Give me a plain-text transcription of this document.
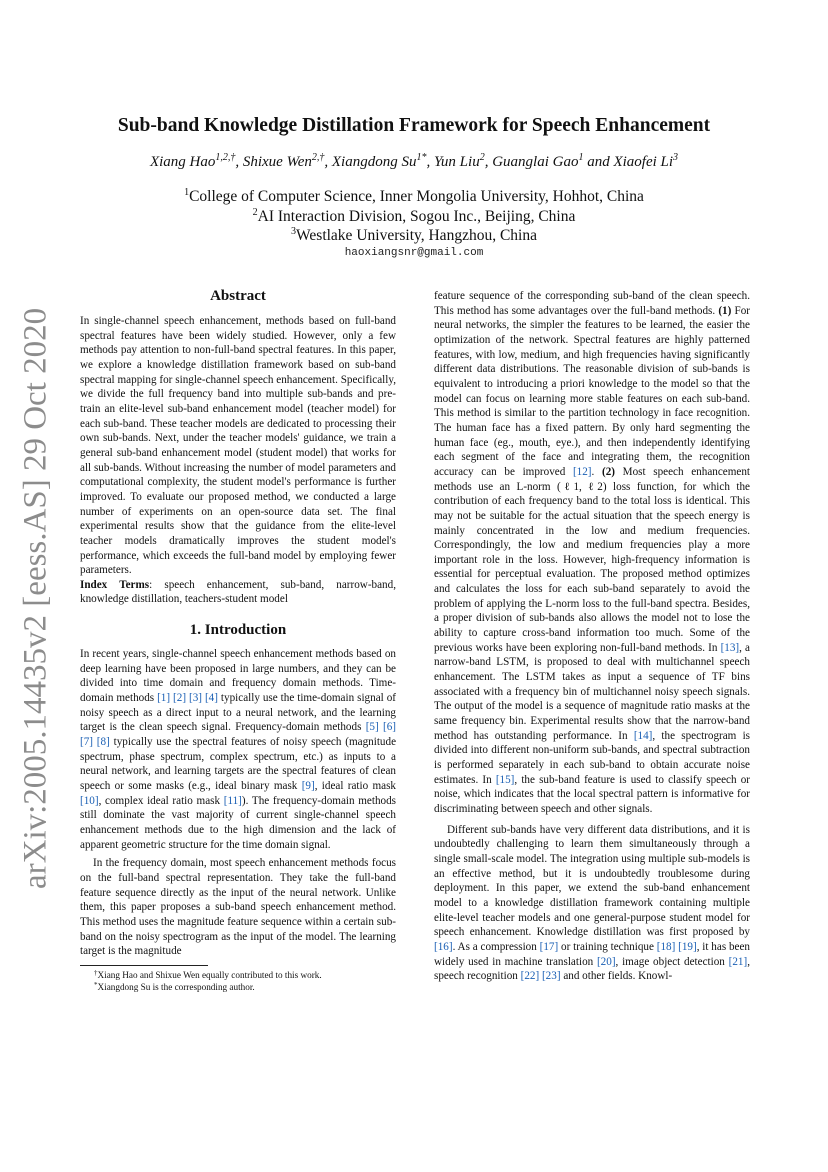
arXiv:2005.14435v2 [eess.AS] 29 Oct 2020
Sub-band Knowledge Distillation Framework for Speech Enhancement
Xiang Hao$^{1,2,\dagger}$, Shixue Wen$^{2,\dagger}$, Xiangdong $Su^{1*}$, Yun Liu$^2$, Guanglai Gao$^1$ and Xiaofei Li$^3$
$^1$College of Computer Science, Inner Mongolia University, Hohhot, China
$^2$AI Interaction Division, Sogou Inc., Beijing, China
$^3$Westlake University, Hangzhou, China
haoxiangsnr@gmail.com
Abstract

In single-channel speech enhancement, methods based on full-band spectral features have been widely studied. However, only a few methods pay attention to non-full-band spectral features. In this paper, we explore a knowledge distillation framework based on sub-band spectral mapping for single-channel speech enhancement. Specifically, we divide the full frequency band into multiple sub-bands and pre-train an elite-level sub-band enhancement model (teacher model) for each sub-band. These teacher models are dedicated to processing their own sub-bands. Next, under the teacher models' guidance, we train a general sub-band enhancement model (student model) that works for all sub-bands. Without increasing the number of model parameters and computational complexity, the student model's performance is further improved. To evaluate our proposed method, we conducted a large number of experiments on an open-source data set. The final experimental results show that the guidance from the elite-level teacher models dramatically improves the student model's performance, which exceeds the full-band model by employing fewer parameters.

Index Terms: speech enhancement, sub-band, narrow-band, knowledge distillation, teachers-student model

1. Introduction

In recent years, single-channel speech enhancement methods based on deep learning have been proposed in large numbers, and they can be divided into time domain and frequency domain methods. Time-domain methods [1] [2] [3] [4] typically use the time-domain signal of noisy speech as a direct input to a neural network, and the learning target is the clean speech signal. Frequency-domain methods [5] [6] [7] [8] typically use the spectral features of noisy speech (magnitude spectrum, phase spectrum, complex spectrum, etc.) as inputs to a neural network, and learning targets are the spectral features of clean speech or some masks (e.g., ideal binary mask [9], ideal ratio mask [10], complex ideal ratio mask [11]). The frequency-domain methods still dominate the vast majority of current single-channel speech enhancement methods due to the high dimension and the lack of apparent geometric structure for the time domain signal.

In the frequency domain, most speech enhancement methods focus on the full-band spectral representation. They take the full-band feature sequence directly as the input of the neural network. Unlike them, this paper proposes a sub-band speech enhancement method. This method uses the magnitude feature sequence within a certain sub-band on the noisy spectrogram as the input of the model. The learning target is the magnitude

†Xiang Hao and Shixue Wen equally contributed to this work.

*Xiangdong Su is the corresponding author.

feature sequence of the corresponding sub-band of the clean speech. This method has some advantages over the full-band methods. (1) For neural networks, the simpler the features to be learned, the easier the optimization of the network. Spectral features are highly patterned features, with low, medium, and high frequencies having significantly different data distributions. The reasonable division of sub-bands is equivalent to introducing a priori knowledge to the model so that the model can focus on learning more stable features on each sub-band. This method is similar to the partition technology in face recognition. The human face has a fixed pattern. By only hard segmenting the human face (eg., mouth, eye.), and then independently identifying each segment of the face and integrating them, the recognition accuracy can be improved [12]. (2) Most speech enhancement methods use an L-norm (ℓ1, ℓ2) loss function, for which the contribution of each frequency band to the total loss is identical. This may not be suitable for the actual situation that the speech energy is mainly concentrated in the low and medium frequencies. Correspondingly, the low and medium frequencies play a more important role in the loss. However, high-frequency information is essential for perceptual evaluation. The proposed method optimizes and calculates the loss for each sub-band separately to avoid the problem of applying the L-norm loss to the full-band spectra. Besides, a proper division of sub-bands also allows the model not to lose the ability to capture cross-band information too much. Some of the previous works have been exploring non-full-band methods. In [13], a narrow-band LSTM, is proposed to deal with multichannel speech enhancement. The LSTM takes as input a sequence of TF bins associated with a frequency bin of multichannel noisy speech signals. The output of the model is a sequence of magnitude ratio masks at the same frequency bin. Experimental results show that the narrow-band method has outstanding performance. In [14], the spectrogram is divided into different non-uniform sub-bands, and spectral subtraction is performed separately in each sub-band to obtain accurate noise estimates. In [15], the sub-band feature is used to classify speech or noise, which indicates that the local spectral pattern is informative for discriminating between speech and other signals.

Different sub-bands have very different data distributions, and it is undoubtedly challenging to learn them simultaneously through a single small-scale model. The integration using multiple sub-models is an effective method, but it is undoubtedly troublesome during deployment. In this paper, we extend the sub-band enhancement model to a knowledge distillation framework containing multiple elite-level teacher models and one general-purpose student model for speech enhancement. Knowledge distillation was first proposed by [16]. As a compression [17] or training technique [18] [19], it has been widely used in machine translation [20], image object detection [21], speech recognition [22] [23] and other fields. Knowl-
